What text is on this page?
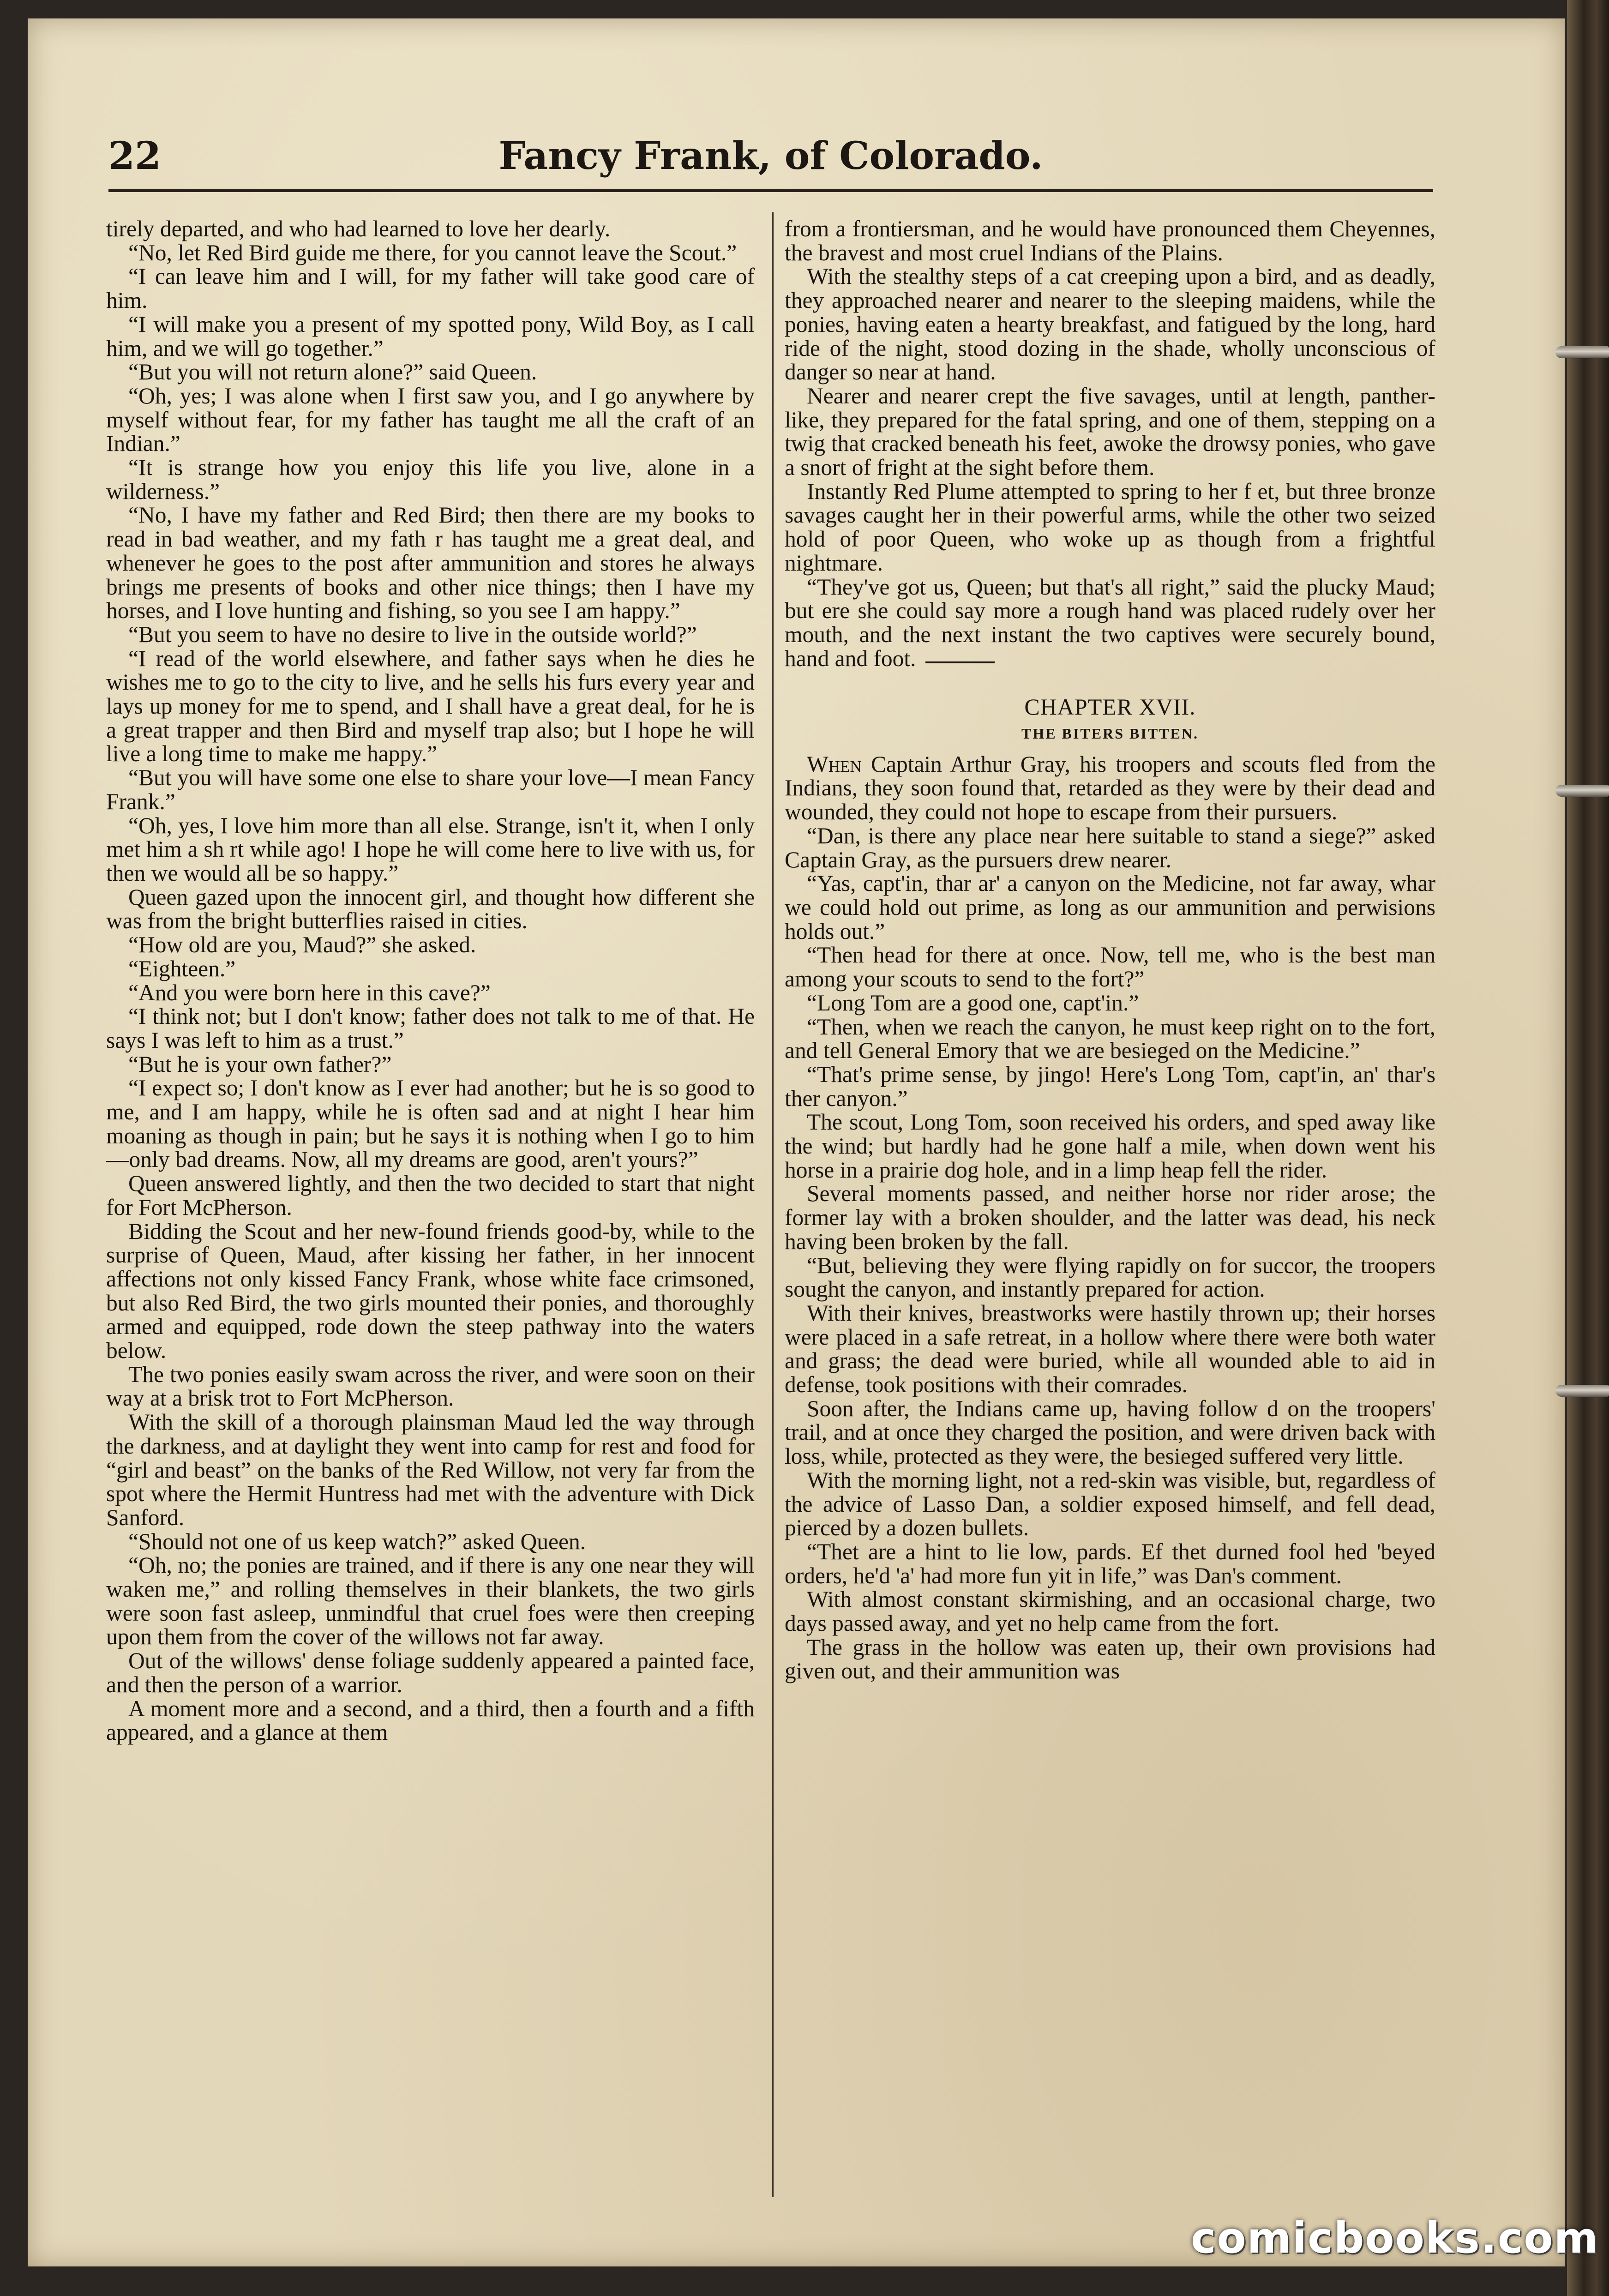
22	Fancy Frank, of Colorado.

tirely departed, and who had learned to love her dearly.

“No, let Red Bird guide me there, for you cannot leave the Scout.”

“I can leave him and I will, for my father will take good care of him.

“I will make you a present of my spotted pony, Wild Boy, as I call him, and we will go together.”

“But you will not return alone?” said Queen.

“Oh, yes; I was alone when I first saw you, and I go anywhere by myself without fear, for my father has taught me all the craft of an Indian.”

“It is strange how you enjoy this life you live, alone in a wilderness.”

“No, I have my father and Red Bird; then there are my books to read in bad weather, and my fath r has taught me a great deal, and whenever he goes to the post after ammunition and stores he always brings me presents of books and other nice things; then I have my horses, and I love hunting and fishing, so you see I am happy.”

“But you seem to have no desire to live in the outside world?”

“I read of the world elsewhere, and father says when he dies he wishes me to go to the city to live, and he sells his furs every year and lays up money for me to spend, and I shall have a great deal, for he is a great trapper and then Bird and myself trap also; but I hope he will live a long time to make me happy.”

“But you will have some one else to share your love—I mean Fancy Frank.”

“Oh, yes, I love him more than all else. Strange, isn't it, when I only met him a sh rt while ago! I hope he will come here to live with us, for then we would all be so happy.”

Queen gazed upon the innocent girl, and thought how different she was from the bright butterflies raised in cities.

“How old are you, Maud?” she asked.

“Eighteen.”

“And you were born here in this cave?”

“I think not; but I don't know; father does not talk to me of that. He says I was left to him as a trust.”

“But he is your own father?”

“I expect so; I don't know as I ever had another; but he is so good to me, and I am happy, while he is often sad and at night I hear him moaning as though in pain; but he says it is nothing when I go to him—only bad dreams. Now, all my dreams are good, aren't yours?”

Queen answered lightly, and then the two decided to start that night for Fort McPherson.

Bidding the Scout and her new-found friends good-by, while to the surprise of Queen, Maud, after kissing her father, in her innocent affections not only kissed Fancy Frank, whose white face crimsoned, but also Red Bird, the two girls mounted their ponies, and thoroughly armed and equipped, rode down the steep pathway into the waters below.

The two ponies easily swam across the river, and were soon on their way at a brisk trot to Fort McPherson.

With the skill of a thorough plainsman Maud led the way through the darkness, and at daylight they went into camp for rest and food for “girl and beast” on the banks of the Red Willow, not very far from the spot where the Hermit Huntress had met with the adventure with Dick Sanford.

“Should not one of us keep watch?” asked Queen.

“Oh, no; the ponies are trained, and if there is any one near they will waken me,” and rolling themselves in their blankets, the two girls were soon fast asleep, unmindful that cruel foes were then creeping upon them from the cover of the willows not far away.

Out of the willows' dense foliage suddenly appeared a painted face, and then the person of a warrior.

A moment more and a second, and a third, then a fourth and a fifth appeared, and a glance at them

from a frontiersman, and he would have pronounced them Cheyennes, the bravest and most cruel Indians of the Plains.

With the stealthy steps of a cat creeping upon a bird, and as deadly, they approached nearer and nearer to the sleeping maidens, while the ponies, having eaten a hearty breakfast, and fatigued by the long, hard ride of the night, stood dozing in the shade, wholly unconscious of danger so near at hand.

Nearer and nearer crept the five savages, until at length, panther-like, they prepared for the fatal spring, and one of them, stepping on a twig that cracked beneath his feet, awoke the drowsy ponies, who gave a snort of fright at the sight before them.

Instantly Red Plume attempted to spring to her f et, but three bronze savages caught her in their powerful arms, while the other two seized hold of poor Queen, who woke up as though from a frightful nightmare.

“They've got us, Queen; but that's all right,” said the plucky Maud; but ere she could say more a rough hand was placed rudely over her mouth, and the next instant the two captives were securely bound, hand and foot.

CHAPTER XVII.

THE BITERS BITTEN.

When Captain Arthur Gray, his troopers and scouts fled from the Indians, they soon found that, retarded as they were by their dead and wounded, they could not hope to escape from their pursuers.

“Dan, is there any place near here suitable to stand a siege?” asked Captain Gray, as the pursuers drew nearer.

“Yas, capt'in, thar ar' a canyon on the Medicine, not far away, whar we could hold out prime, as long as our ammunition and perwisions holds out.”

“Then head for there at once. Now, tell me, who is the best man among your scouts to send to the fort?”

“Long Tom are a good one, capt'in.”

“Then, when we reach the canyon, he must keep right on to the fort, and tell General Emory that we are besieged on the Medicine.”

“That's prime sense, by jingo! Here's Long Tom, capt'in, an' thar's ther canyon.”

The scout, Long Tom, soon received his orders, and sped away like the wind; but hardly had he gone half a mile, when down went his horse in a prairie dog hole, and in a limp heap fell the rider.

Several moments passed, and neither horse nor rider arose; the former lay with a broken shoulder, and the latter was dead, his neck having been broken by the fall.

“But, believing they were flying rapidly on for succor, the troopers sought the canyon, and instantly prepared for action.

With their knives, breastworks were hastily thrown up; their horses were placed in a safe retreat, in a hollow where there were both water and grass; the dead were buried, while all wounded able to aid in defense, took positions with their comrades.

Soon after, the Indians came up, having follow d on the troopers' trail, and at once they charged the position, and were driven back with loss, while, protected as they were, the besieged suffered very little.

With the morning light, not a red-skin was visible, but, regardless of the advice of Lasso Dan, a soldier exposed himself, and fell dead, pierced by a dozen bullets.

“Thet are a hint to lie low, pards. Ef thet durned fool hed 'beyed orders, he'd 'a' had more fun yit in life,” was Dan's comment.

With almost constant skirmishing, and an occasional charge, two days passed away, and yet no help came from the fort.

The grass in the hollow was eaten up, their own provisions had given out, and their ammunition was

comicbooks.com
